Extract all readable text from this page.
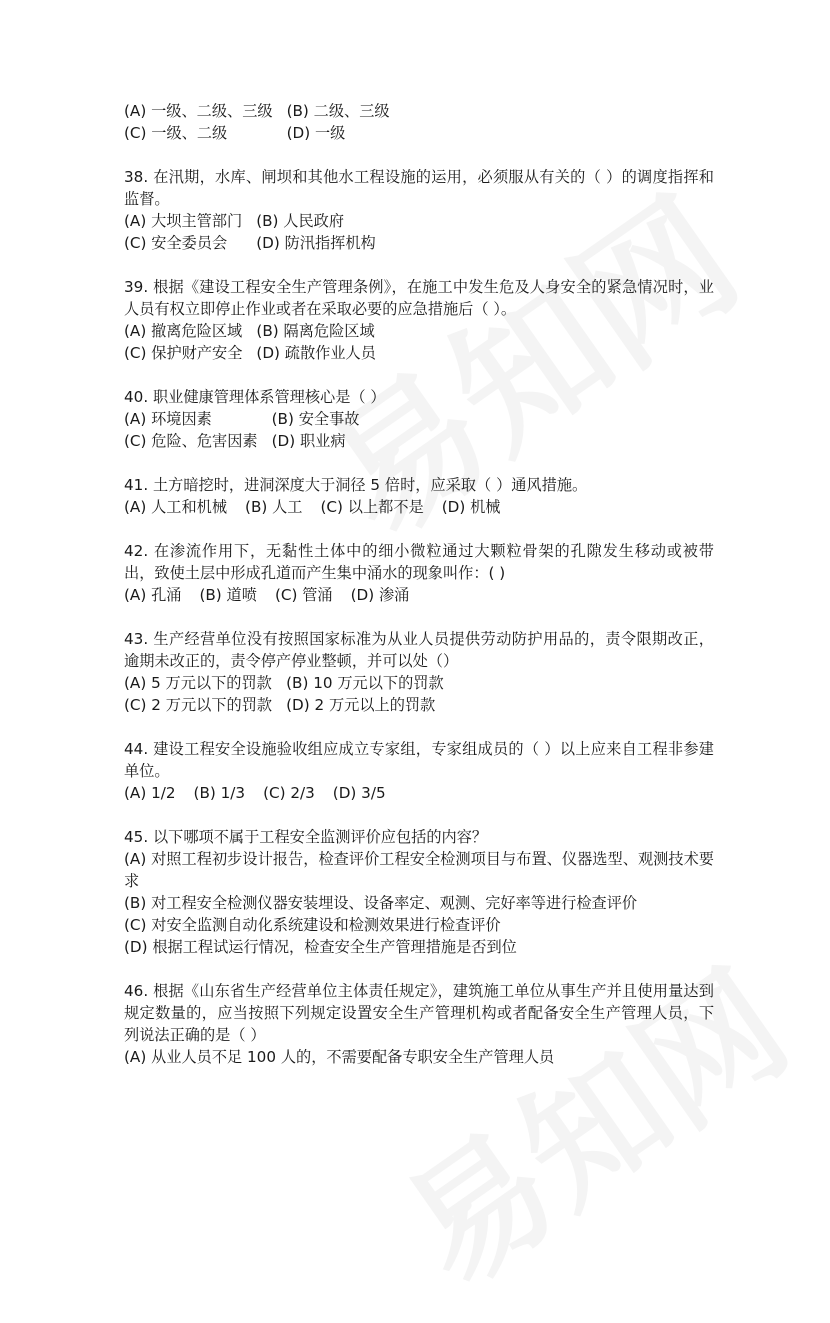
(A) 一级、二级、三级 (B) 二级、三级
(C) 一级、二级	(D) 一级
38. 在汛期，水库、闸坝和其他水工程设施的运用，必须服从有关的（ ）的调度指挥和监督。
(A) 大坝主管部门 (B) 人民政府
(C) 安全委员会	(D) 防汛指挥机构
39. 根据《建设工程安全生产管理条例》，在施工中发生危及人身安全的紧急情况时，业人员有权立即停止作业或者在采取必要的应急措施后（ ）。
(A) 撤离危险区域 (B) 隔离危险区域
(C) 保护财产安全 (D) 疏散作业人员
40. 职业健康管理体系管理核心是（ ）
(A) 环境因素	(B) 安全事故
(C) 危险、危害因素 (D) 职业病
41. 土方暗挖时，进洞深度大于洞径 5 倍时，应采取（ ）通风措施。
(A) 人工和机械 (B) 人工 (C) 以上都不是 (D) 机械
42. 在渗流作用下，无黏性土体中的细小微粒通过大颗粒骨架的孔隙发生移动或被带出，致使土层中形成孔道而产生集中涌水的现象叫作：( )
(A) 孔涌 (B) 道喷 (C) 管涌 (D) 渗涌
43. 生产经营单位没有按照国家标准为从业人员提供劳动防护用品的，责令限期改正，逾期未改正的，责令停产停业整顿，并可以处（）
(A) 5 万元以下的罚款 (B) 10 万元以下的罚款
(C) 2 万元以下的罚款 (D) 2 万元以上的罚款
44. 建设工程安全设施验收组应成立专家组，专家组成员的（ ）以上应来自工程非参建单位。
(A) 1/2 (B) 1/3 (C) 2/3 (D) 3/5
45. 以下哪项不属于工程安全监测评价应包括的内容？
(A) 对照工程初步设计报告，检查评价工程安全检测项目与布置、仪器选型、观测技术要求
(B) 对工程安全检测仪器安装埋设、设备率定、观测、完好率等进行检查评价
(C) 对安全监测自动化系统建设和检测效果进行检查评价
(D) 根据工程试运行情况，检查安全生产管理措施是否到位
46. 根据《山东省生产经营单位主体责任规定》，建筑施工单位从事生产并且使用量达到规定数量的，应当按照下列规定设置安全生产管理机构或者配备安全生产管理人员，下列说法正确的是（ ）
(A) 从业人员不足 100 人的，不需要配备专职安全生产管理人员
